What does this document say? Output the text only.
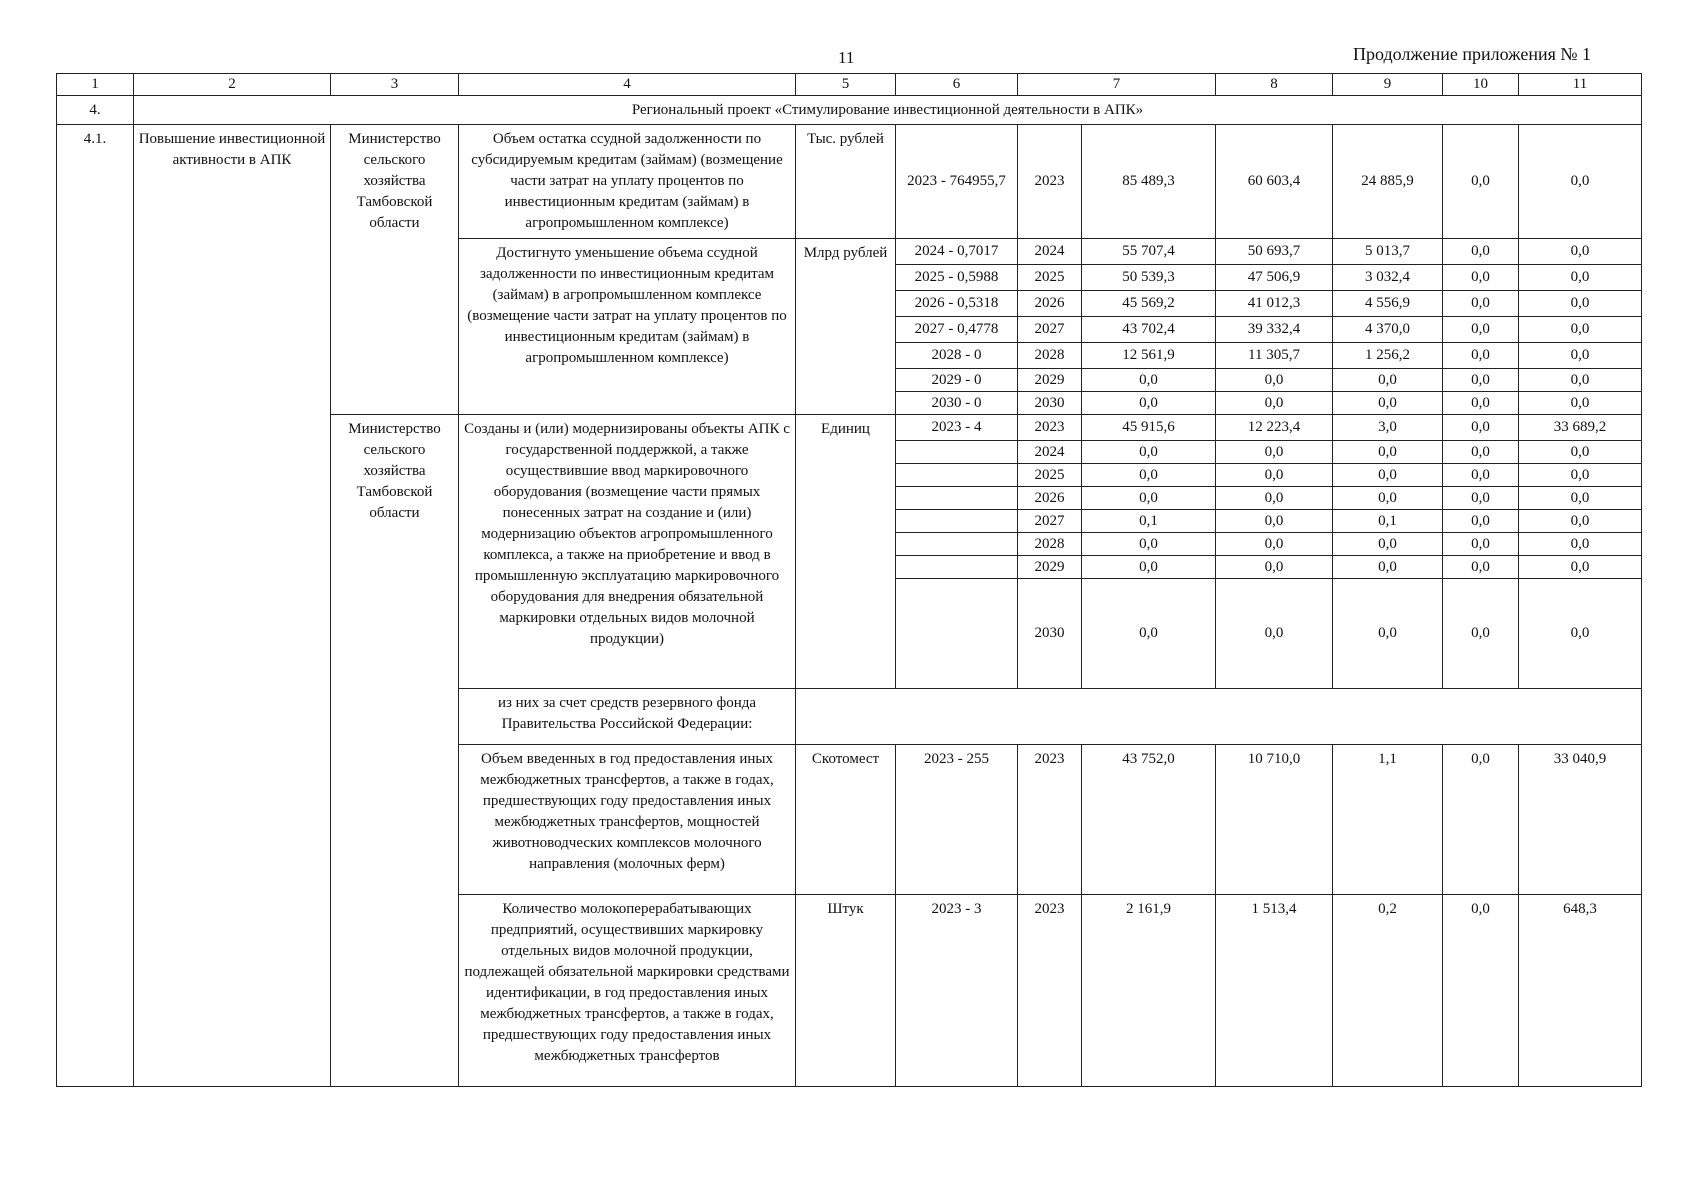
11	Продолжение приложения № 1
1	2	3	4	5	6	7		8	9	10	11
4.	Региональный проект «Стимулирование инвестиционной деятельности в АПК»										
4.1.	Повышение инвестиционной активности в АПК	Министерство сельского хозяйства Тамбовской области	Объем остатка ссудной задолженности по субсидируемым кредитам (займам) (возмещение части затрат на уплату процентов по инвестиционным кредитам (займам) в агропромышленном комплексе)	Тыс. рублей	2023 - 764955,7	2023	85 489,3	60 603,4	24 885,9	0,0	0,0
			Достигнуто уменьшение объема ссудной задолженности по инвестиционным кредитам (займам) в агропромышленном комплексе (возмещение части затрат на уплату процентов по инвестиционным кредитам (займам) в агропромышленном комплексе)	Млрд рублей	2024 - 0,7017	2024	55 707,4	50 693,7	5 013,7	0,0	0,0
					2025 - 0,5988	2025	50 539,3	47 506,9	3 032,4	0,0	0,0
					2026 - 0,5318	2026	45 569,2	41 012,3	4 556,9	0,0	0,0
					2027 - 0,4778	2027	43 702,4	39 332,4	4 370,0	0,0	0,0
					2028 - 0	2028	12 561,9	11 305,7	1 256,2	0,0	0,0
					2029 - 0	2029	0,0	0,0	0,0	0,0	0,0
					2030 - 0	2030	0,0	0,0	0,0	0,0	0,0
		Министерство сельского хозяйства Тамбовской области	Созданы и (или) модернизированы объекты АПК с государственной поддержкой, а также осуществившие ввод маркировочного оборудования (возмещение части прямых понесенных затрат на создание и (или) модернизацию объектов агропромышленного комплекса, а также на приобретение и ввод в промышленную эксплуатацию маркировочного оборудования для внедрения обязательной маркировки отдельных видов молочной продукции)	Единиц	2023 - 4	2023	45 915,6	12 223,4	3,0	0,0	33 689,2
						2024	0,0	0,0	0,0	0,0	0,0
						2025	0,0	0,0	0,0	0,0	0,0
						2026	0,0	0,0	0,0	0,0	0,0
						2027	0,1	0,0	0,1	0,0	0,0
						2028	0,0	0,0	0,0	0,0	0,0
						2029	0,0	0,0	0,0	0,0	0,0
						2030	0,0	0,0	0,0	0,0	0,0
			из них за счет средств резервного фонда Правительства Российской Федерации:								
			Объем введенных в год предоставления иных межбюджетных трансфертов, а также в годах, предшествующих году предоставления иных межбюджетных трансфертов, мощностей животноводческих комплексов молочного направления (молочных ферм)	Скотомест	2023 - 255	2023	43 752,0	10 710,0	1,1	0,0	33 040,9
			Количество молокоперерабатывающих предприятий, осуществивших маркировку отдельных видов молочной продукции, подлежащей обязательной маркировки средствами идентификации, в год предоставления иных межбюджетных трансфертов, а также в годах, предшествующих году предоставления иных межбюджетных трансфертов	Штук	2023 - 3	2023	2 161,9	1 513,4	0,2	0,0	648,3
